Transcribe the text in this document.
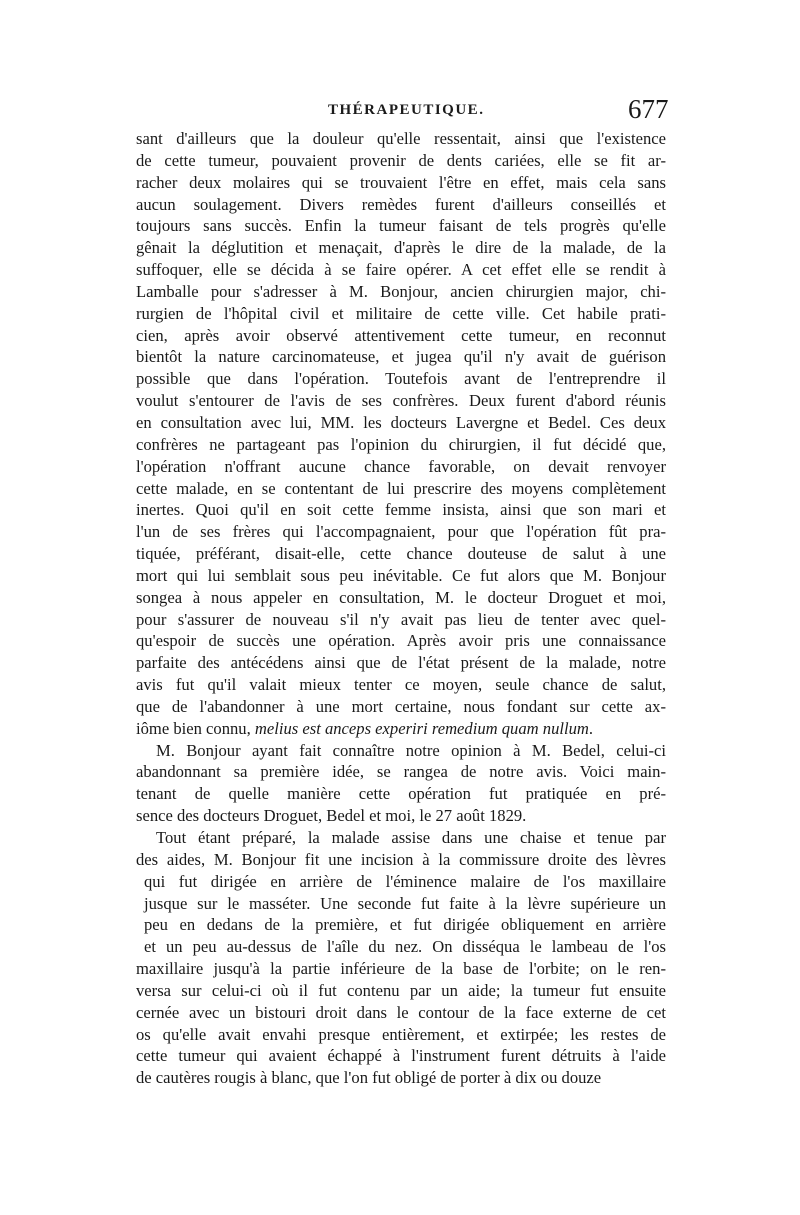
THÉRAPEUTIQUE.	677
sant d'ailleurs que la douleur qu'elle ressentait, ainsi que l'existence
de cette tumeur, pouvaient provenir de dents cariées, elle se fit ar-
racher deux molaires qui se trouvaient l'être en effet, mais cela sans
aucun soulagement. Divers remèdes furent d'ailleurs conseillés et
toujours sans succès. Enfin la tumeur faisant de tels progrès qu'elle
gênait la déglutition et menaçait, d'après le dire de la malade, de la
suffoquer, elle se décida à se faire opérer. A cet effet elle se rendit à
Lamballe pour s'adresser à M. Bonjour, ancien chirurgien major, chi-
rurgien de l'hôpital civil et militaire de cette ville. Cet habile prati-
cien, après avoir observé attentivement cette tumeur, en reconnut
bientôt la nature carcinomateuse, et jugea qu'il n'y avait de guérison
possible que dans l'opération. Toutefois avant de l'entreprendre il
voulut s'entourer de l'avis de ses confrères. Deux furent d'abord réunis
en consultation avec lui, MM. les docteurs Lavergne et Bedel. Ces deux
confrères ne partageant pas l'opinion du chirurgien, il fut décidé que,
l'opération n'offrant aucune chance favorable, on devait renvoyer
cette malade, en se contentant de lui prescrire des moyens complètement
inertes. Quoi qu'il en soit cette femme insista, ainsi que son mari et
l'un de ses frères qui l'accompagnaient, pour que l'opération fût pra-
tiquée, préférant, disait-elle, cette chance douteuse de salut à une
mort qui lui semblait sous peu inévitable. Ce fut alors que M. Bonjour
songea à nous appeler en consultation, M. le docteur Droguet et moi,
pour s'assurer de nouveau s'il n'y avait pas lieu de tenter avec quel-
qu'espoir de succès une opération. Après avoir pris une connaissance
parfaite des antécédens ainsi que de l'état présent de la malade, notre
avis fut qu'il valait mieux tenter ce moyen, seule chance de salut,
que de l'abandonner à une mort certaine, nous fondant sur cette ax-
iôme bien connu, melius est anceps experiri remedium quam nullum.
M. Bonjour ayant fait connaître notre opinion à M. Bedel, celui-ci
abandonnant sa première idée, se rangea de notre avis. Voici main-
tenant de quelle manière cette opération fut pratiquée en pré-
sence des docteurs Droguet, Bedel et moi, le 27 août 1829.
Tout étant préparé, la malade assise dans une chaise et tenue par
des aides, M. Bonjour fit une incision à la commissure droite des lèvres
qui fut dirigée en arrière de l'éminence malaire de l'os maxillaire
jusque sur le masséter. Une seconde fut faite à la lèvre supérieure un
peu en dedans de la première, et fut dirigée obliquement en arrière
et un peu au-dessus de l'aîle du nez. On disséqua le lambeau de l'os
maxillaire jusqu'à la partie inférieure de la base de l'orbite; on le ren-
versa sur celui-ci où il fut contenu par un aide; la tumeur fut ensuite
cernée avec un bistouri droit dans le contour de la face externe de cet
os qu'elle avait envahi presque entièrement, et extirpée; les restes de
cette tumeur qui avaient échappé à l'instrument furent détruits à l'aide
de cautères rougis à blanc, que l'on fut obligé de porter à dix ou douze
